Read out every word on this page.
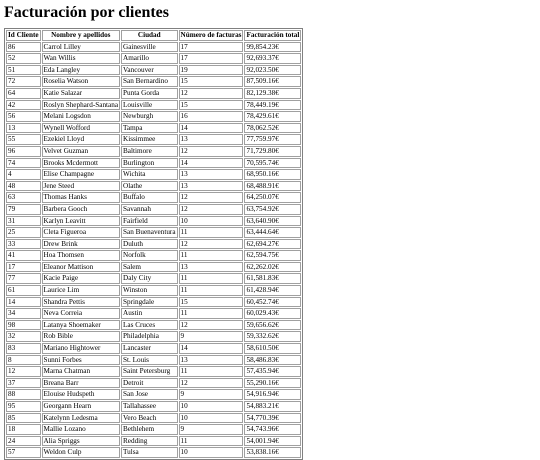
Facturación por clientes
Id Cliente	Nombre y apellidos	Ciudad	Número de facturas	Facturación total
86	Carrol Lilley	Gainesville	17	99,854.23€
52	Wan Willis	Amarillo	17	92,693.37€
51	Eda Langley	Vancouver	19	92,023.50€
72	Roselia Watson	San Bernardino	15	87,509.16€
64	Katie Salazar	Punta Gorda	12	82,129.38€
42	Roslyn Shephard-Santana	Louisville	15	78,449.19€
56	Melani Logsdon	Newburgh	16	78,429.61€
13	Wynell Wofford	Tampa	14	78,062.52€
55	Ezekiel Lloyd	Kissimmee	13	77,759.97€
96	Velvet Guzman	Baltimore	12	71,729.80€
74	Brooks Mcdermott	Burlington	14	70,595.74€
4	Elise Champagne	Wichita	13	68,950.16€
48	Jene Steed	Olathe	13	68,488.91€
63	Thomas Hanks	Buffalo	12	64,250.07€
79	Barbera Gooch	Savannah	12	63,754.92€
31	Karlyn Leavitt	Fairfield	10	63,640.90€
25	Cleta Figueroa	San Buenaventura	11	63,444.64€
33	Drew Brink	Duluth	12	62,694.27€
41	Hoa Thomsen	Norfolk	11	62,594.75€
17	Eleanor Mattison	Salem	13	62,262.02€
77	Kacie Paige	Daly City	11	61,581.83€
61	Laurice Lim	Winston	11	61,428.94€
14	Shandra Pettis	Springdale	15	60,452.74€
34	Neva Correia	Austin	11	60,029.43€
98	Latanya Shoemaker	Las Cruces	12	59,656.62€
32	Rob Bible	Philadelphia	9	59,332.62€
83	Mariano Hightower	Lancaster	14	58,610.50€
8	Sunni Forbes	St. Louis	13	58,486.83€
12	Marna Chatman	Saint Petersburg	11	57,435.94€
37	Breana Barr	Detroit	12	55,290.16€
88	Elouise Hudspeth	San Jose	9	54,916.94€
95	Georgann Hearn	Tallahassee	10	54,883.21€
85	Katelynn Ledesma	Vero Beach	10	54,770.39€
18	Mallie Lozano	Bethlehem	9	54,743.96€
24	Alia Spriggs	Redding	11	54,001.94€
57	Weldon Culp	Tulsa	10	53,838.16€
